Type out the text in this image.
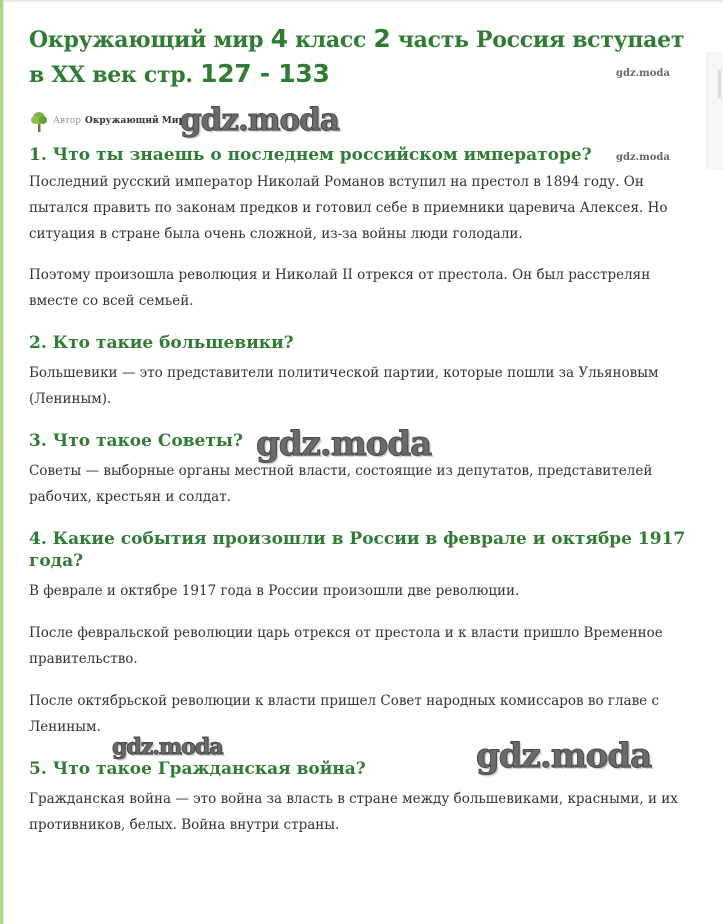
Окружающий мир 4 класс 2 часть Россия вступает в XX век стр. 127 - 133
Автор Окружающий Мир
1. Что ты знаешь о последнем российском императоре?

Последний русский император Николай Романов вступил на престол в 1894 году. Он пытался править по законам предков и готовил себе в приемники царевича Алексея. Но ситуация в стране была очень сложной, из-за войны люди голодали.

Поэтому произошла революция и Николай II отрекся от престола. Он был расстрелян вместе со всей семьей.

2. Кто такие большевики?

Большевики — это представители политической партии, которые пошли за Ульяновым (Лениным).

3. Что такое Советы?

Советы — выборные органы местной власти, состоящие из депутатов, представителей рабочих, крестьян и солдат.

4. Какие события произошли в России в феврале и октябре 1917 года?

В феврале и октябре 1917 года в России произошли две революции.

После февральской революции царь отрекся от престола и к власти пришло Временное правительство.

После октябрьской революции к власти пришел Совет народных комиссаров во главе с Лениным.

5. Что такое Гражданская война?

Гражданская война — это война за власть в стране между большевиками, красными, и их противников, белых. Война внутри страны.

gdz.moda
gdz.moda
gdz.moda
gdz.moda
gdz.moda	gdz.moda
